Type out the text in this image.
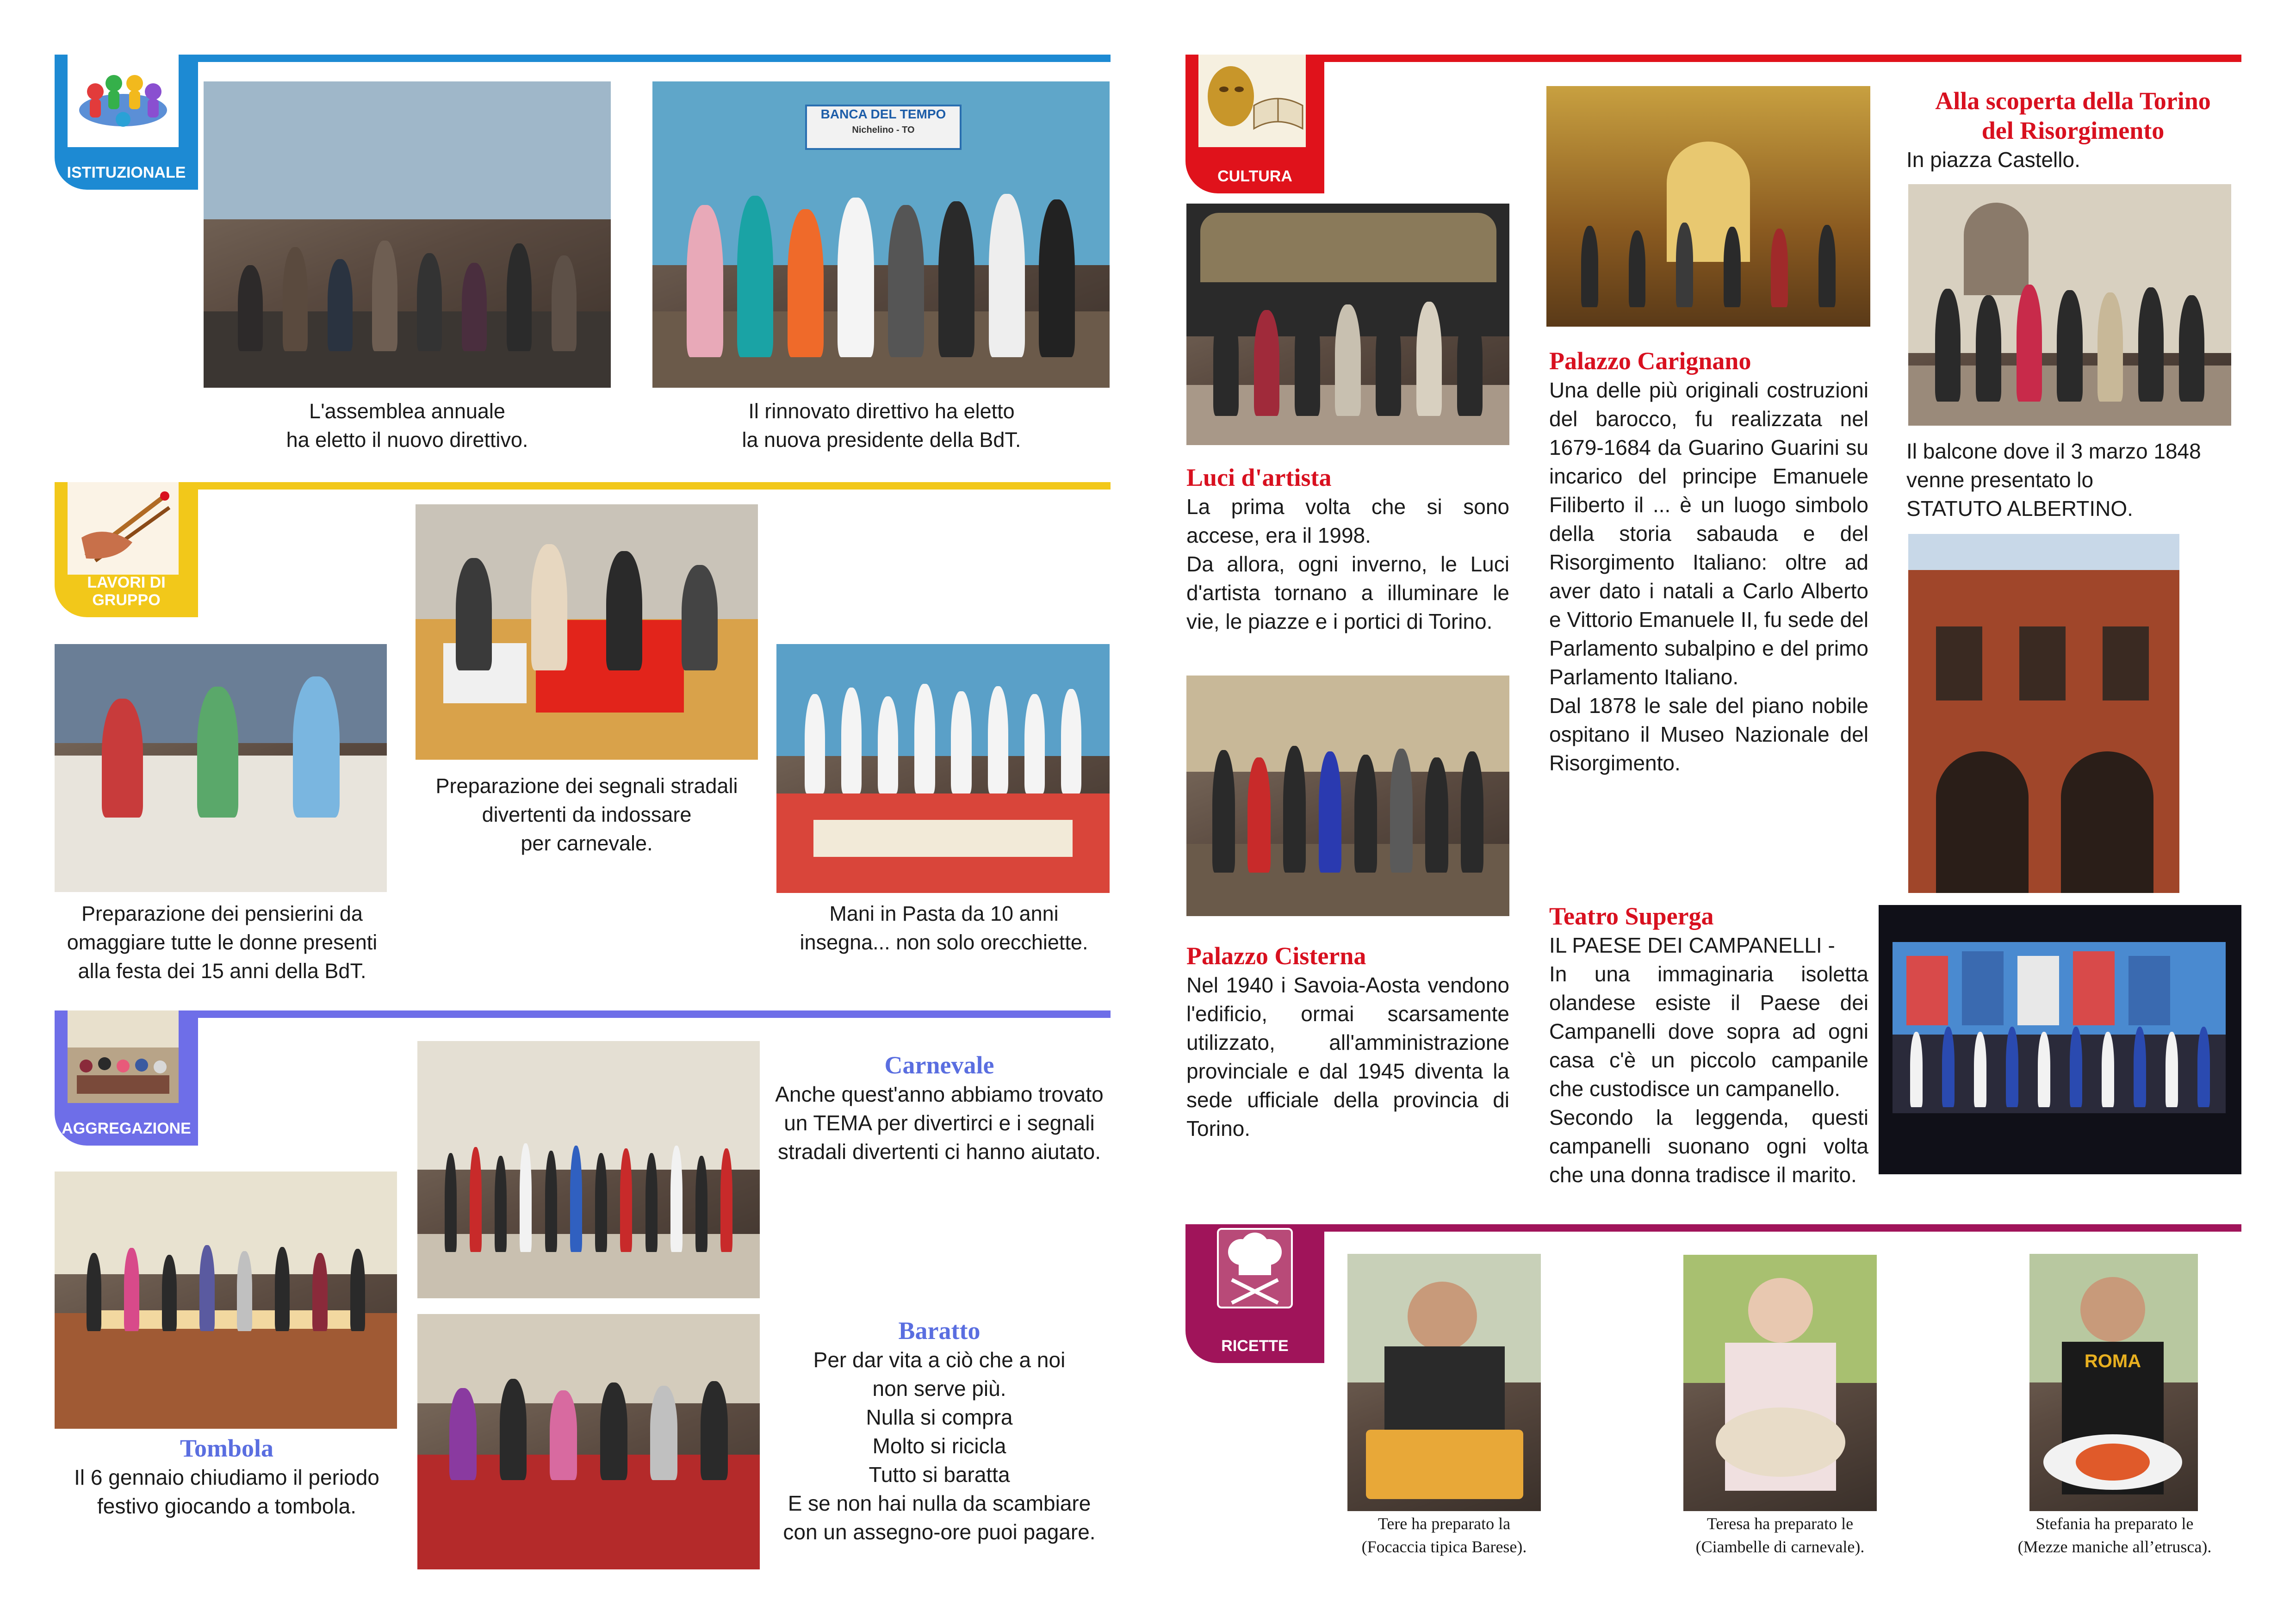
ISTITUZIONALE
L'assemblea annuale
ha eletto il nuovo direttivo.
BANCA DEL TEMPO
Nichelino - TO
Il rinnovato direttivo ha eletto
la nuova presidente della BdT.
LAVORI DI
GRUPPO
Preparazione dei segnali stradali
divertenti da indossare
per carnevale.
Preparazione dei pensierini da
omaggiare tutte le donne presenti
alla festa dei 15 anni della BdT.
Mani in Pasta da 10 anni
insegna... non solo orecchiette.
AGGREGAZIONE
Carnevale
Anche quest'anno abbiamo trovato
un TEMA per divertirci e i segnali
stradali divertenti ci hanno aiutato.
Tombola
Il 6 gennaio chiudiamo il periodo
festivo giocando a tombola.
Baratto
Per dar vita a ciò che a noi
non serve più.
Nulla si compra
Molto si ricicla
Tutto si baratta
E se non hai nulla da scambiare
con un assegno-ore puoi pagare.
CULTURA
Luci d'artista

La prima volta che si sono accese, era il 1998.

Da allora, ogni inverno, le Luci d'artista tornano a illuminare le vie, le piazze e i portici di Torino.

Palazzo Cisterna

Nel 1940 i Savoia-Aosta vendono l'edificio, ormai scarsamente utilizzato, all'amministrazione provinciale e dal 1945 diventa la sede ufficiale della provincia di Torino.

Palazzo Carignano

Una delle più originali costruzioni del barocco, fu realizzata nel 1679-1684 da Guarino Guarini su incarico del principe Emanuele Filiberto il ... è un luogo simbolo della storia sabauda e del Risorgimento Italiano: oltre ad aver dato i natali a Carlo Alberto e Vittorio Emanuele II, fu sede del Parlamento subalpino e del primo Parlamento Italiano.

Dal 1878 le sale del piano nobile ospitano il Museo Nazionale del Risorgimento.

Alla scoperta della Torino
del Risorgimento
In piazza Castello.
Il balcone dove il 3 marzo 1848
venne presentato lo
STATUTO ALBERTINO.
Teatro Superga
IL PAESE DEI CAMPANELLI -

In una immaginaria isoletta olandese esiste il Paese dei Campanelli dove sopra ad ogni casa c'è un piccolo campanile che custodisce un campanello.

Secondo la leggenda, questi campanelli suonano ogni volta che una donna tradisce il marito.

RICETTE
Tere ha preparato la
(Focaccia tipica Barese).
Teresa ha preparato le
(Ciambelle di carnevale).
ROMA
Stefania ha preparato le
(Mezze maniche all’etrusca).
